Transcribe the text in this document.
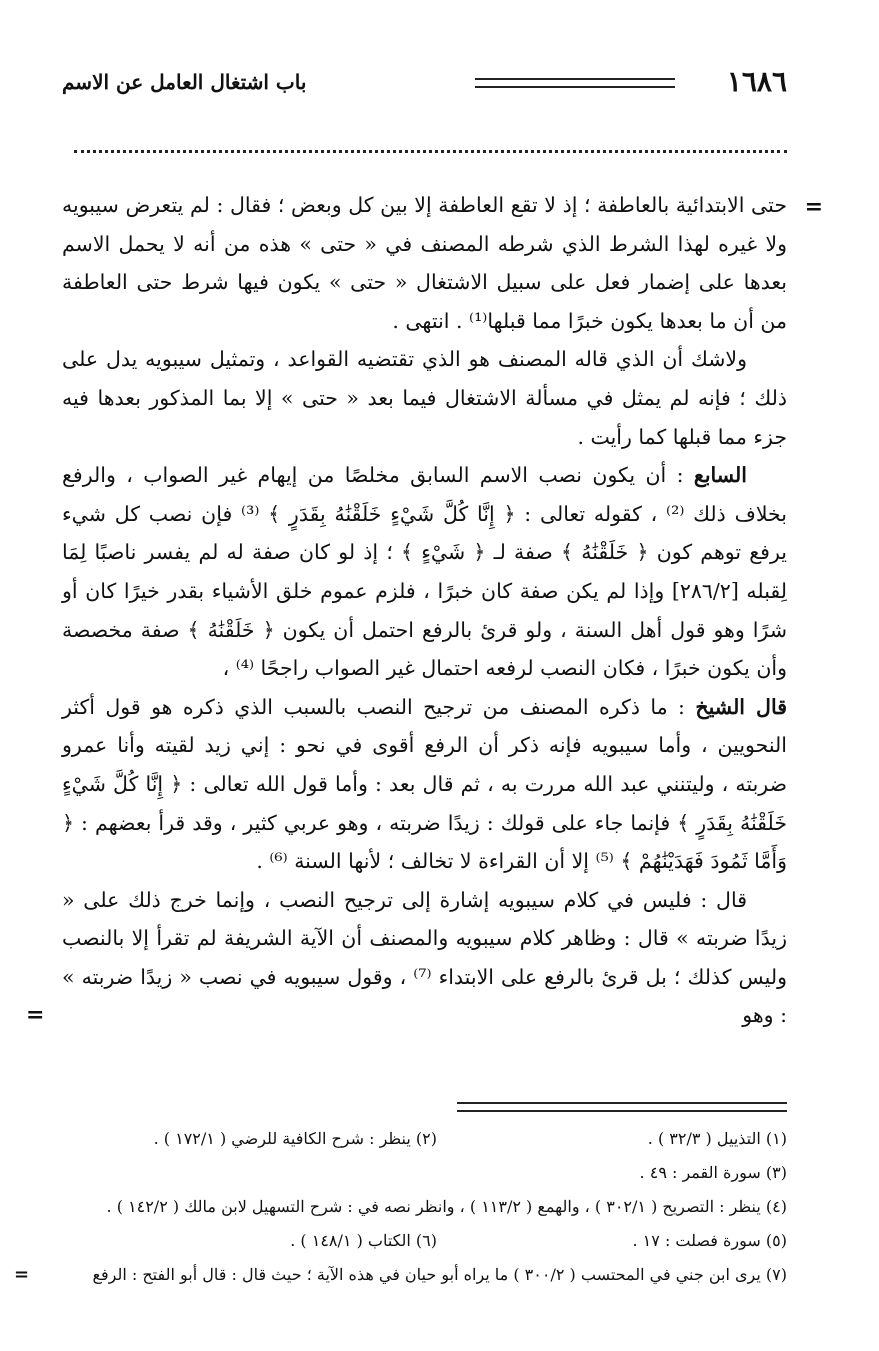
١٦٨٦
باب اشتغال العامل عن الاسم
=

حتى الابتدائية بالعاطفة ؛ إذ لا تقع العاطفة إلا بين كل وبعض ؛ فقال : لم يتعرض سيبويه ولا غيره لهذا الشرط الذي شرطه المصنف في « حتى » هذه من أنه لا يحمل الاسم بعدها على إضمار فعل على سبيل الاشتغال « حتى » يكون فيها شرط حتى العاطفة من أن ما بعدها يكون خبرًا مما قبلها⁽¹⁾ . انتهى .

ولاشك أن الذي قاله المصنف هو الذي تقتضيه القواعد ، وتمثيل سيبويه يدل على ذلك ؛ فإنه لم يمثل في مسألة الاشتغال فيما بعد « حتى » إلا بما المذكور بعدها فيه جزء مما قبلها كما رأيت .

السابع : أن يكون نصب الاسم السابق مخلصًا من إيهام غير الصواب ، والرفع بخلاف ذلك ⁽²⁾ ، كقوله تعالى : ﴿ إِنَّا كُلَّ شَيْءٍ خَلَقْنَٰهُ بِقَدَرٍ ﴾ ⁽³⁾ فإن نصب كل شيء يرفع توهم كون ﴿ خَلَقْنَٰهُ ﴾ صفة لـ ﴿ شَيْءٍ ﴾ ؛ إذ لو كان صفة له لم يفسر ناصبًا لِمَا لِقبله [٢٨٦/٢] وإذا لم يكن صفة كان خبرًا ، فلزم عموم خلق الأشياء بقدر خيرًا كان أو شرًا وهو قول أهل السنة ، ولو قرئ بالرفع احتمل أن يكون ﴿ خَلَقْنَٰهُ ﴾ صفة مخصصة وأن يكون خبرًا ، فكان النصب لرفعه احتمال غير الصواب راجحًا ⁽⁴⁾ ،

قال الشيخ : ما ذكره المصنف من ترجيح النصب بالسبب الذي ذكره هو قول أكثر النحويين ، وأما سيبويه فإنه ذكر أن الرفع أقوى في نحو : إني زيد لقيته وأنا عمرو ضربته ، وليتنني عبد الله مررت به ، ثم قال بعد : وأما قول الله تعالى : ﴿ إِنَّا كُلَّ شَيْءٍ خَلَقْنَٰهُ بِقَدَرٍ ﴾ فإنما جاء على قولك : زيدًا ضربته ، وهو عربي كثير ، وقد قرأ بعضهم : ﴿ وَأَمَّا ثَمُودَ فَهَدَيْنَٰهُمْ ﴾ ⁽⁵⁾ إلا أن القراءة لا تخالف ؛ لأنها السنة ⁽⁶⁾ .

قال : فليس في كلام سيبويه إشارة إلى ترجيح النصب ، وإنما خرج ذلك على « زيدًا ضربته » قال : وظاهر كلام سيبويه والمصنف أن الآية الشريفة لم تقرأ إلا بالنصب وليس كذلك ؛ بل قرئ بالرفع على الابتداء ⁽⁷⁾ ، وقول سيبويه في نصب « زيدًا ضربته » : وهو
=

(١) التذييل ( ٣٢/٣ ) .
(٢) ينظر : شرح الكافية للرضي ( ١٧٢/١ ) .
(٣) سورة القمر : ٤٩ .
(٤) ينظر : التصريح ( ٣٠٢/١ ) ، والهمع ( ١١٣/٢ ) ، وانظر نصه في : شرح التسهيل لابن مالك ( ١٤٢/٢ ) .
(٥) سورة فصلت : ١٧ .
(٦) الكتاب ( ١٤٨/١ ) .
(٧) يرى ابن جني في المحتسب ( ٣٠٠/٢ ) ما يراه أبو حيان في هذه الآية ؛ حيث قال : قال أبو الفتح : الرفع
=
